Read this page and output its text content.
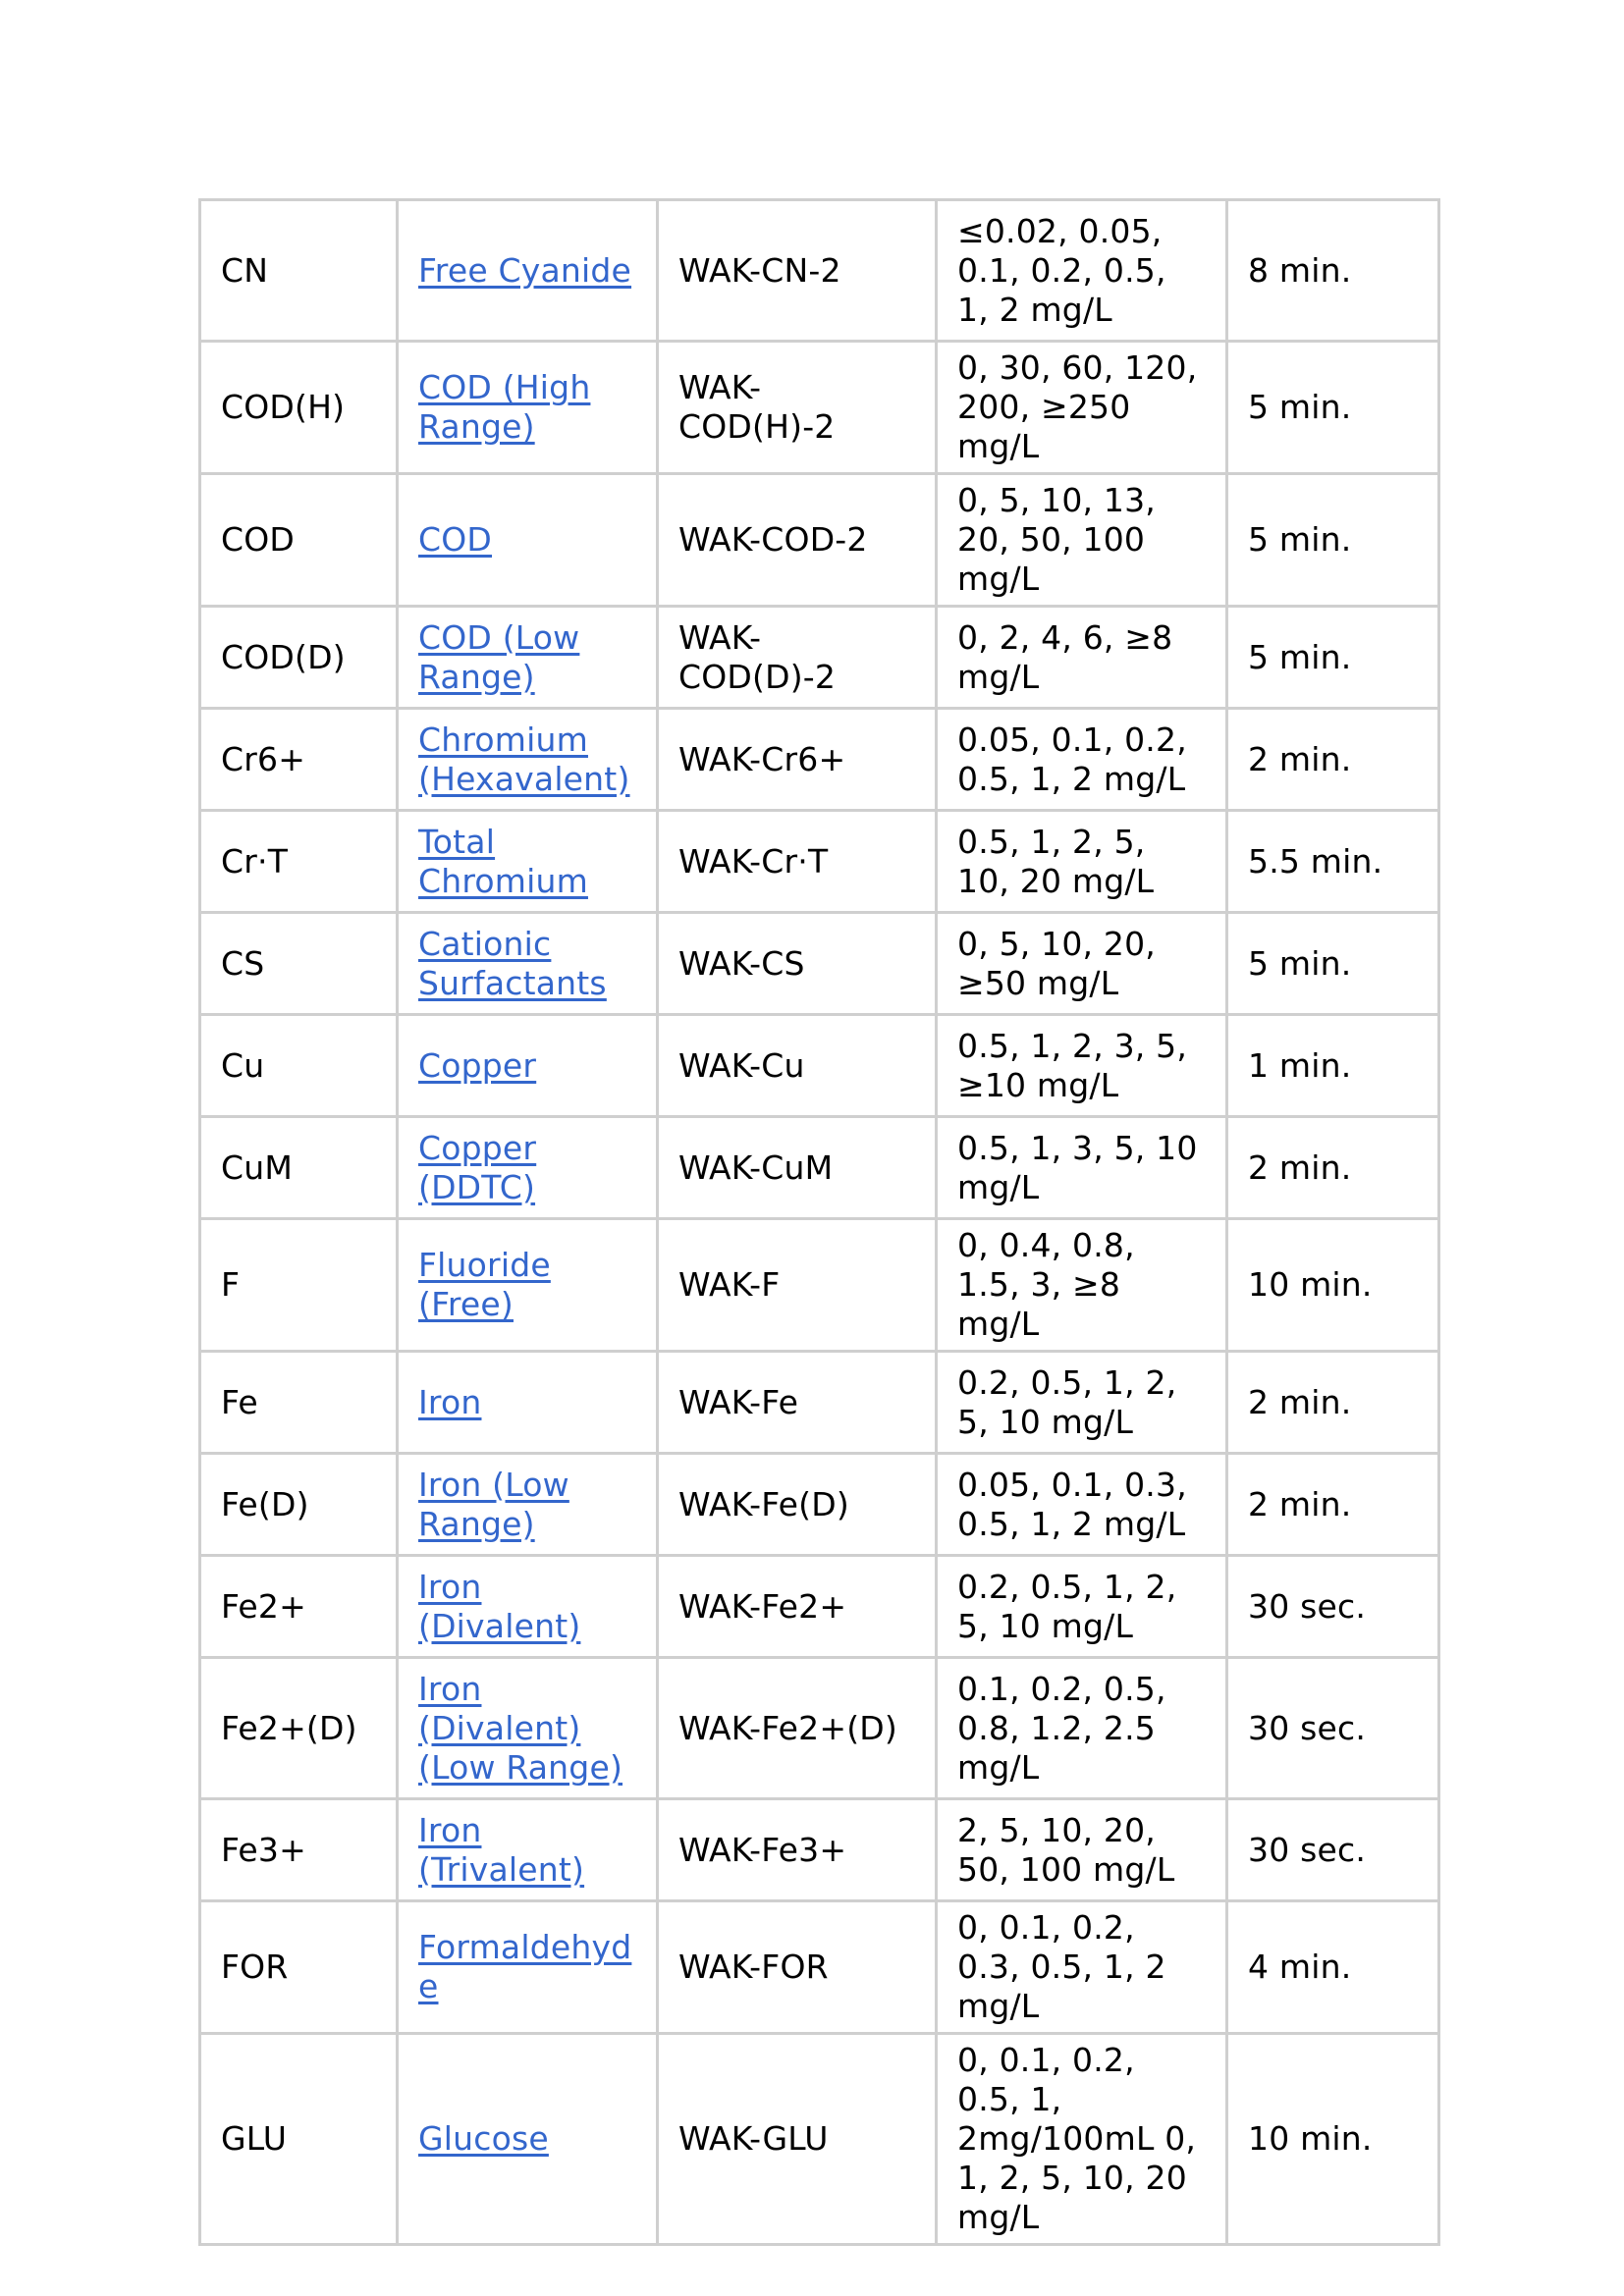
CN	Free Cyanide	WAK-CN-2	≤0.02, 0.05, 0.1, 0.2, 0.5, 1, 2 mg/L	8 min.
COD(H)	COD (High Range)	WAK-COD(H)-2	0, 30, 60, 120, 200, ≥250 mg/L	5 min.
COD	COD	WAK-COD-2	0, 5, 10, 13, 20, 50, 100 mg/L	5 min.
COD(D)	COD (Low Range)	WAK-COD(D)-2	0, 2, 4, 6, ≥8 mg/L	5 min.
Cr6+	Chromium (Hexavalent)	WAK-Cr6+	0.05, 0.1, 0.2, 0.5, 1, 2 mg/L	2 min.
Cr·T	Total Chromium	WAK-Cr·T	0.5, 1, 2, 5, 10, 20 mg/L	5.5 min.
CS	Cationic Surfactants	WAK-CS	0, 5, 10, 20, ≥50 mg/L	5 min.
Cu	Copper	WAK-Cu	0.5, 1, 2, 3, 5, ≥10 mg/L	1 min.
CuM	Copper (DDTC)	WAK-CuM	0.5, 1, 3, 5, 10 mg/L	2 min.
F	Fluoride (Free)	WAK-F	0, 0.4, 0.8, 1.5, 3, ≥8 mg/L	10 min.
Fe	Iron	WAK-Fe	0.2, 0.5, 1, 2, 5, 10 mg/L	2 min.
Fe(D)	Iron (Low Range)	WAK-Fe(D)	0.05, 0.1, 0.3, 0.5, 1, 2 mg/L	2 min.
Fe2+	Iron (Divalent)	WAK-Fe2+	0.2, 0.5, 1, 2, 5, 10 mg/L	30 sec.
Fe2+(D)	Iron (Divalent) (Low Range)	WAK-Fe2+(D)	0.1, 0.2, 0.5, 0.8, 1.2, 2.5 mg/L	30 sec.
Fe3+	Iron (Trivalent)	WAK-Fe3+	2, 5, 10, 20, 50, 100 mg/L	30 sec.
FOR	Formaldehyde	WAK-FOR	0, 0.1, 0.2, 0.3, 0.5, 1, 2 mg/L	4 min.
GLU	Glucose	WAK-GLU	0, 0.1, 0.2, 0.5, 1, 2mg/100mL 0, 1, 2, 5, 10, 20 mg/L	10 min.
